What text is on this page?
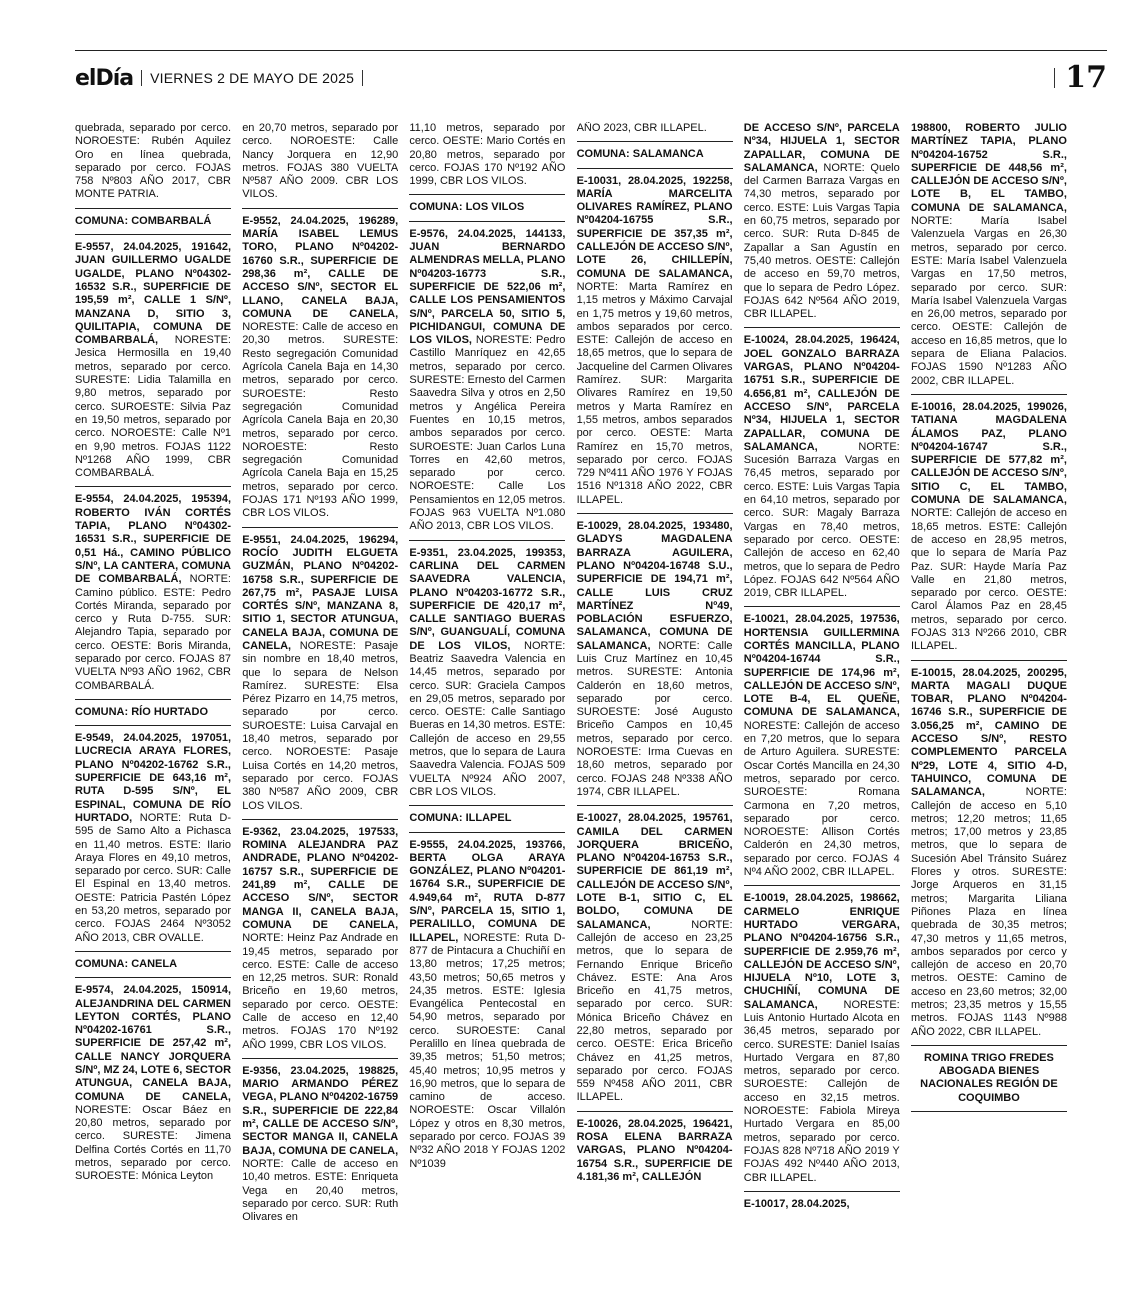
elDía VIERNES 2 DE MAYO DE 2025	17

quebrada, separado por cerco. NOROESTE: Rubén Aquilez Oro en línea quebrada, separado por cerco. FOJAS 758 Nº803 AÑO 2017, CBR MONTE PATRIA.

COMUNA: COMBARBALÁ

E-9557, 24.04.2025, 191642, JUAN GUILLERMO UGALDE UGALDE, PLANO Nº04302-16532 S.R., SUPERFICIE DE 195,59 m², CALLE 1 S/Nº, MANZANA D, SITIO 3, QUILITAPIA, COMUNA DE COMBARBALÁ, NORESTE: Jesica Hermosilla en 19,40 metros, separado por cerco. SURESTE: Lidia Talamilla en 9,80 metros, separado por cerco. SUROESTE: Silvia Paz en 19,50 metros, separado por cerco. NOROESTE: Calle Nº1 en 9,90 metros. FOJAS 1122 Nº1268 AÑO 1999, CBR COMBARBALÁ.

E-9554, 24.04.2025, 195394, ROBERTO IVÁN CORTÉS TAPIA, PLANO Nº04302-16531 S.R., SUPERFICIE DE 0,51 Há., CAMINO PÚBLICO S/Nº, LA CANTERA, COMUNA DE COMBARBALÁ, NORTE: Camino público. ESTE: Pedro Cortés Miranda, separado por cerco y Ruta D-755. SUR: Alejandro Tapia, separado por cerco. OESTE: Boris Miranda, separado por cerco. FOJAS 87 VUELTA Nº93 AÑO 1962, CBR COMBARBALÁ.

COMUNA: RÍO HURTADO

E-9549, 24.04.2025, 197051, LUCRECIA ARAYA FLORES, PLANO Nº04202-16762 S.R., SUPERFICIE DE 643,16 m², RUTA D-595 S/Nº, EL ESPINAL, COMUNA DE RÍO HURTADO, NORTE: Ruta D-595 de Samo Alto a Pichasca en 11,40 metros. ESTE: Ilario Araya Flores en 49,10 metros, separado por cerco. SUR: Calle El Espinal en 13,40 metros. OESTE: Patricia Pastén López en 53,20 metros, separado por cerco. FOJAS 2464 Nº3052 AÑO 2013, CBR OVALLE.

COMUNA: CANELA

E-9574, 24.04.2025, 150914, ALEJANDRINA DEL CARMEN LEYTON CORTÉS, PLANO Nº04202-16761 S.R., SUPERFICIE DE 257,42 m², CALLE NANCY JORQUERA S/Nº, MZ 24, LOTE 6, SECTOR ATUNGUA, CANELA BAJA, COMUNA DE CANELA, NORESTE: Oscar Báez en 20,80 metros, separado por cerco. SURESTE: Jimena Delfina Cortés Cortés en 11,70 metros, separado por cerco. SUROESTE: Mónica Leyton

en 20,70 metros, separado por cerco. NOROESTE: Calle Nancy Jorquera en 12,90 metros. FOJAS 380 VUELTA Nº587 AÑO 2009. CBR LOS VILOS.

E-9552, 24.04.2025, 196289, MARÍA ISABEL LEMUS TORO, PLANO Nº04202-16760 S.R., SUPERFICIE DE 298,36 m², CALLE DE ACCESO S/Nº, SECTOR EL LLANO, CANELA BAJA, COMUNA DE CANELA, NORESTE: Calle de acceso en 20,30 metros. SURESTE: Resto segregación Comunidad Agrícola Canela Baja en 14,30 metros, separado por cerco. SUROESTE: Resto segregación Comunidad Agrícola Canela Baja en 20,30 metros, separado por cerco. NOROESTE: Resto segregación Comunidad Agrícola Canela Baja en 15,25 metros, separado por cerco. FOJAS 171 Nº193 AÑO 1999, CBR LOS VILOS.

E-9551, 24.04.2025, 196294, ROCÍO JUDITH ELGUETA GUZMÁN, PLANO Nº04202-16758 S.R., SUPERFICIE DE 267,75 m², PASAJE LUISA CORTÉS S/Nº, MANZANA 8, SITIO 1, SECTOR ATUNGUA, CANELA BAJA, COMUNA DE CANELA, NORESTE: Pasaje sin nombre en 18,40 metros, que lo separa de Nelson Ramírez. SURESTE: Elsa Pérez Pizarro en 14,75 metros, separado por cerco. SUROESTE: Luisa Carvajal en 18,40 metros, separado por cerco. NOROESTE: Pasaje Luisa Cortés en 14,20 metros, separado por cerco. FOJAS 380 Nº587 AÑO 2009, CBR LOS VILOS.

E-9362, 23.04.2025, 197533, ROMINA ALEJANDRA PAZ ANDRADE, PLANO Nº04202-16757 S.R., SUPERFICIE DE 241,89 m², CALLE DE ACCESO S/Nº, SECTOR MANGA II, CANELA BAJA, COMUNA DE CANELA, NORTE: Heinz Paz Andrade en 19,45 metros, separado por cerco. ESTE: Calle de acceso en 12,25 metros. SUR: Ronald Briceño en 19,60 metros, separado por cerco. OESTE: Calle de acceso en 12,40 metros. FOJAS 170 Nº192 AÑO 1999, CBR LOS VILOS.

E-9356, 23.04.2025, 198825, MARIO ARMANDO PÉREZ VEGA, PLANO Nº04202-16759 S.R., SUPERFICIE DE 222,84 m², CALLE DE ACCESO S/Nº, SECTOR MANGA II, CANELA BAJA, COMUNA DE CANELA, NORTE: Calle de acceso en 10,40 metros. ESTE: Enriqueta Vega en 20,40 metros, separado por cerco. SUR: Ruth Olivares en

11,10 metros, separado por cerco. OESTE: Mario Cortés en 20,80 metros, separado por cerco. FOJAS 170 Nº192 AÑO 1999, CBR LOS VILOS.

COMUNA: LOS VILOS

E-9576, 24.04.2025, 144133, JUAN BERNARDO ALMENDRAS MELLA, PLANO Nº04203-16773 S.R., SUPERFICIE DE 522,06 m², CALLE LOS PENSAMIENTOS S/Nº, PARCELA 50, SITIO 5, PICHIDANGUI, COMUNA DE LOS VILOS, NORESTE: Pedro Castillo Manríquez en 42,65 metros, separado por cerco. SURESTE: Ernesto del Carmen Saavedra Silva y otros en 2,50 metros y Angélica Pereira Fuentes en 10,15 metros, ambos separados por cerco. SUROESTE: Juan Carlos Luna Torres en 42,60 metros, separado por cerco. NOROESTE: Calle Los Pensamientos en 12,05 metros. FOJAS 963 VUELTA Nº1.080 AÑO 2013, CBR LOS VILOS.

E-9351, 23.04.2025, 199353, CARLINA DEL CARMEN SAAVEDRA VALENCIA, PLANO Nº04203-16772 S.R., SUPERFICIE DE 420,17 m², CALLE SANTIAGO BUERAS S/Nº, GUANGUALÍ, COMUNA DE LOS VILOS, NORTE: Beatriz Saavedra Valencia en 14,45 metros, separado por cerco. SUR: Graciela Campos en 29,05 metros, separado por cerco. OESTE: Calle Santiago Bueras en 14,30 metros. ESTE: Callejón de acceso en 29,55 metros, que lo separa de Laura Saavedra Valencia. FOJAS 509 VUELTA Nº924 AÑO 2007, CBR LOS VILOS.

COMUNA: ILLAPEL

E-9555, 24.04.2025, 193766, BERTA OLGA ARAYA GONZÁLEZ, PLANO Nº04201-16764 S.R., SUPERFICIE DE 4.949,64 m², RUTA D-877 S/Nº, PARCELA 15, SITIO 1, PERALILLO, COMUNA DE ILLAPEL, NORESTE: Ruta D-877 de Pintacura a Chuchiñí en 13,80 metros; 17,25 metros; 43,50 metros; 50,65 metros y 24,35 metros. ESTE: Iglesia Evangélica Pentecostal en 54,90 metros, separado por cerco. SUROESTE: Canal Peralillo en línea quebrada de 39,35 metros; 51,50 metros; 45,40 metros; 10,95 metros y 16,90 metros, que lo separa de camino de acceso. NOROESTE: Oscar Villalón López y otros en 8,30 metros, separado por cerco. FOJAS 39 Nº32 AÑO 2018 Y FOJAS 1202 Nº1039

AÑO 2023, CBR ILLAPEL.

COMUNA: SALAMANCA

E-10031, 28.04.2025, 192258, MARÍA MARCELITA OLIVARES RAMÍREZ, PLANO Nº04204-16755 S.R., SUPERFICIE DE 357,35 m², CALLEJÓN DE ACCESO S/Nº, LOTE 26, CHILLEPÍN, COMUNA DE SALAMANCA, NORTE: Marta Ramírez en 1,15 metros y Máximo Carvajal en 1,75 metros y 19,60 metros, ambos separados por cerco. ESTE: Callejón de acceso en 18,65 metros, que lo separa de Jacqueline del Carmen Olivares Ramírez. SUR: Margarita Olivares Ramírez en 19,50 metros y Marta Ramírez en 1,55 metros, ambos separados por cerco. OESTE: Marta Ramírez en 15,70 metros, separado por cerco. FOJAS 729 Nº411 AÑO 1976 Y FOJAS 1516 Nº1318 AÑO 2022, CBR ILLAPEL.

E-10029, 28.04.2025, 193480, GLADYS MAGDALENA BARRAZA AGUILERA, PLANO Nº04204-16748 S.U., SUPERFICIE DE 194,71 m², CALLE LUIS CRUZ MARTÍNEZ Nº49, POBLACIÓN ESFUERZO, SALAMANCA, COMUNA DE SALAMANCA, NORTE: Calle Luis Cruz Martínez en 10,45 metros. SURESTE: Antonia Calderón en 18,60 metros, separado por cerco. SUROESTE: José Augusto Briceño Campos en 10,45 metros, separado por cerco. NOROESTE: Irma Cuevas en 18,60 metros, separado por cerco. FOJAS 248 Nº338 AÑO 1974, CBR ILLAPEL.

E-10027, 28.04.2025, 195761, CAMILA DEL CARMEN JORQUERA BRICEÑO, PLANO Nº04204-16753 S.R., SUPERFICIE DE 861,19 m², CALLEJÓN DE ACCESO S/Nº, LOTE B-1, SITIO C, EL BOLDO, COMUNA DE SALAMANCA, NORTE: Callejón de acceso en 23,25 metros, que lo separa de Fernando Enrique Briceño Chávez. ESTE: Ana Aros Briceño en 41,75 metros, separado por cerco. SUR: Mónica Briceño Chávez en 22,80 metros, separado por cerco. OESTE: Erica Briceño Chávez en 41,25 metros, separado por cerco. FOJAS 559 Nº458 AÑO 2011, CBR ILLAPEL.

E-10026, 28.04.2025, 196421, ROSA ELENA BARRAZA VARGAS, PLANO Nº04204-16754 S.R., SUPERFICIE DE 4.181,36 m², CALLEJÓN

DE ACCESO S/Nº, PARCELA Nº34, HIJUELA 1, SECTOR ZAPALLAR, COMUNA DE SALAMANCA, NORTE: Quelo del Carmen Barraza Vargas en 74,30 metros, separado por cerco. ESTE: Luis Vargas Tapia en 60,75 metros, separado por cerco. SUR: Ruta D-845 de Zapallar a San Agustín en 75,40 metros. OESTE: Callejón de acceso en 59,70 metros, que lo separa de Pedro López. FOJAS 642 Nº564 AÑO 2019, CBR ILLAPEL.

E-10024, 28.04.2025, 196424, JOEL GONZALO BARRAZA VARGAS, PLANO Nº04204-16751 S.R., SUPERFICIE DE 4.656,81 m², CALLEJÓN DE ACCESO S/Nº, PARCELA Nº34, HIJUELA 1, SECTOR ZAPALLAR, COMUNA DE SALAMANCA, NORTE: Sucesión Barraza Vargas en 76,45 metros, separado por cerco. ESTE: Luis Vargas Tapia en 64,10 metros, separado por cerco. SUR: Magaly Barraza Vargas en 78,40 metros, separado por cerco. OESTE: Callejón de acceso en 62,40 metros, que lo separa de Pedro López. FOJAS 642 Nº564 AÑO 2019, CBR ILLAPEL.

E-10021, 28.04.2025, 197536, HORTENSIA GUILLERMINA CORTÉS MANCILLA, PLANO Nº04204-16744 S.R., SUPERFICIE DE 174,96 m², CALLEJÓN DE ACCESO S/Nº, LOTE B-4, EL QUEÑE, COMUNA DE SALAMANCA, NORESTE: Callejón de acceso en 7,20 metros, que lo separa de Arturo Aguilera. SURESTE: Oscar Cortés Mancilla en 24,30 metros, separado por cerco. SUROESTE: Romana Carmona en 7,20 metros, separado por cerco. NOROESTE: Allison Cortés Calderón en 24,30 metros, separado por cerco. FOJAS 4 Nº4 AÑO 2002, CBR ILLAPEL.

E-10019, 28.04.2025, 198662, CARMELO ENRIQUE HURTADO VERGARA, PLANO Nº04204-16756 S.R., SUPERFICIE DE 2.959,76 m², CALLEJÓN DE ACCESO S/Nº, HIJUELA Nº10, LOTE 3, CHUCHIÑÍ, COMUNA DE SALAMANCA, NORESTE: Luis Antonio Hurtado Alcota en 36,45 metros, separado por cerco. SURESTE: Daniel Isaías Hurtado Vergara en 87,80 metros, separado por cerco. SUROESTE: Callejón de acceso en 32,15 metros. NOROESTE: Fabiola Mireya Hurtado Vergara en 85,00 metros, separado por cerco. FOJAS 828 Nº718 AÑO 2019 Y FOJAS 492 Nº440 AÑO 2013, CBR ILLAPEL.

E-10017, 28.04.2025,

198800, ROBERTO JULIO MARTÍNEZ TAPIA, PLANO Nº04204-16752 S.R., SUPERFICIE DE 448,56 m², CALLEJÓN DE ACCESO S/Nº, LOTE B, EL TAMBO, COMUNA DE SALAMANCA, NORTE: María Isabel Valenzuela Vargas en 26,30 metros, separado por cerco. ESTE: María Isabel Valenzuela Vargas en 17,50 metros, separado por cerco. SUR: María Isabel Valenzuela Vargas en 26,00 metros, separado por cerco. OESTE: Callejón de acceso en 16,85 metros, que lo separa de Eliana Palacios. FOJAS 1590 Nº1283 AÑO 2002, CBR ILLAPEL.

E-10016, 28.04.2025, 199026, TATIANA MAGDALENA ÁLAMOS PAZ, PLANO Nº04204-16747 S.R., SUPERFICIE DE 577,82 m², CALLEJÓN DE ACCESO S/Nº, SITIO C, EL TAMBO, COMUNA DE SALAMANCA, NORTE: Callejón de acceso en 18,65 metros. ESTE: Callejón de acceso en 28,95 metros, que lo separa de María Paz Paz. SUR: Hayde María Paz Valle en 21,80 metros, separado por cerco. OESTE: Carol Álamos Paz en 28,45 metros, separado por cerco. FOJAS 313 Nº266 2010, CBR ILLAPEL.

E-10015, 28.04.2025, 200295, MARTA MAGALI DUQUE TOBAR, PLANO Nº04204-16746 S.R., SUPERFICIE DE 3.056,25 m², CAMINO DE ACCESO S/Nº, RESTO COMPLEMENTO PARCELA Nº29, LOTE 4, SITIO 4-D, TAHUINCO, COMUNA DE SALAMANCA, NORTE: Callejón de acceso en 5,10 metros; 12,20 metros; 11,65 metros; 17,00 metros y 23,85 metros, que lo separa de Sucesión Abel Tránsito Suárez Flores y otros. SURESTE: Jorge Arqueros en 31,15 metros; Margarita Liliana Piñones Plaza en línea quebrada de 30,35 metros; 47,30 metros y 11,65 metros, ambos separados por cerco y callejón de acceso en 20,70 metros. OESTE: Camino de acceso en 23,60 metros; 32,00 metros; 23,35 metros y 15,55 metros. FOJAS 1143 Nº988 AÑO 2022, CBR ILLAPEL.

ROMINA TRIGO FREDES ABOGADA BIENES NACIONALES REGIÓN DE COQUIMBO
